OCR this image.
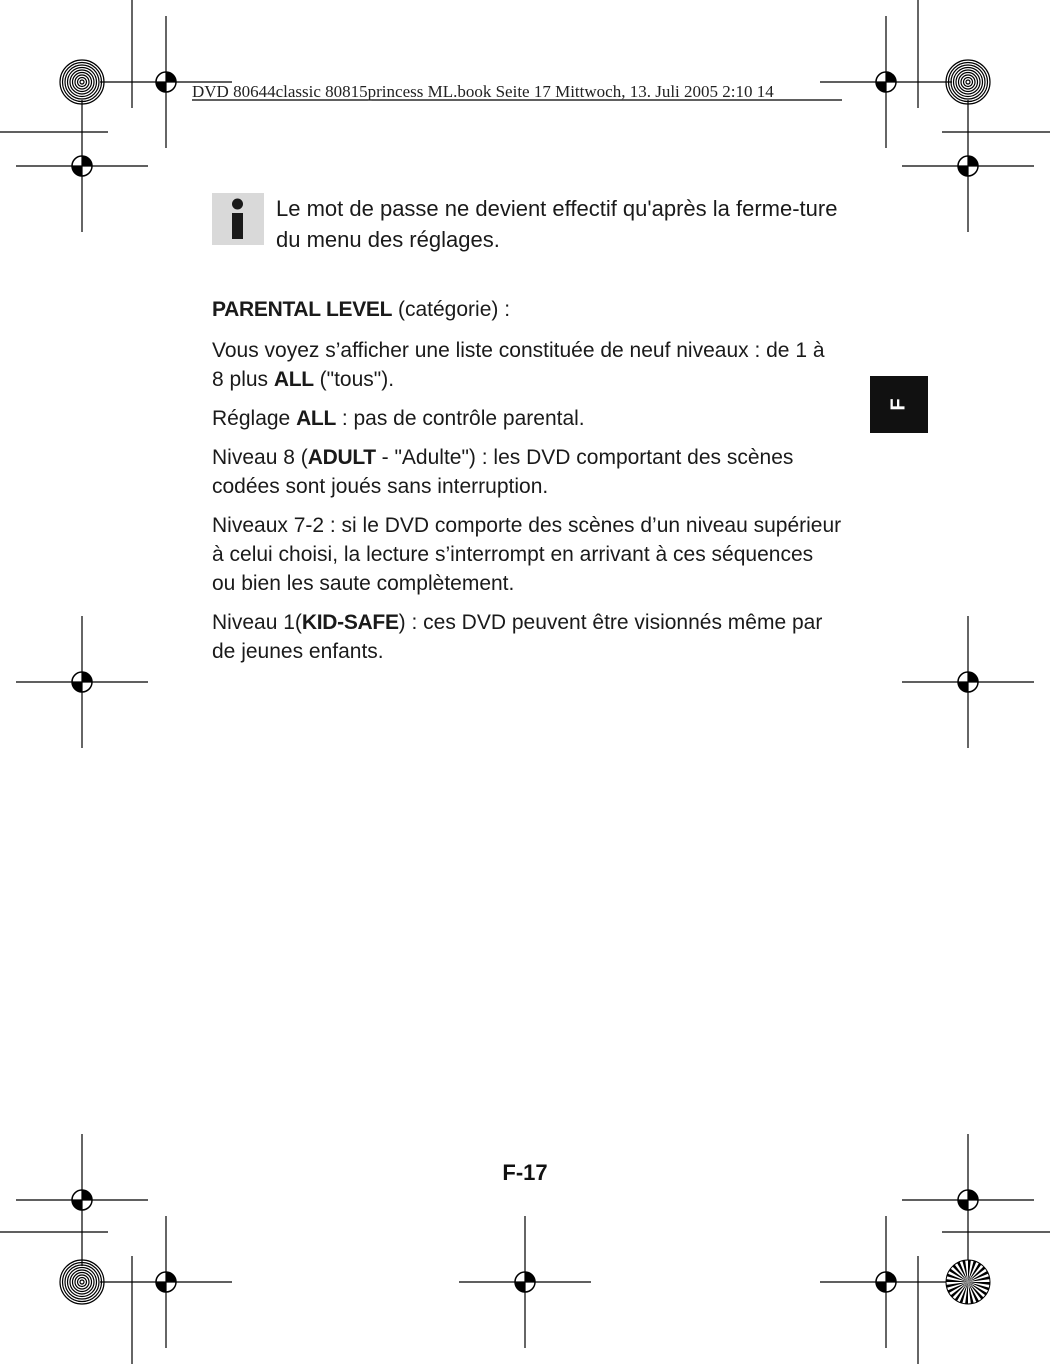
DVD 80644classic 80815princess ML.book Seite 17 Mittwoch, 13. Juli 2005 2:10 14
Le mot de passe ne devient effectif qu'après la ferme-ture du menu des réglages.

PARENTAL LEVEL (catégorie) :

Vous voyez s’afficher une liste constituée de neuf niveaux : de 1 à 8 plus ALL ("tous").

Réglage ALL : pas de contrôle parental.

Niveau 8 (ADULT - "Adulte") : les DVD comportant des scènes codées sont joués sans interruption.

Niveaux 7-2 : si le DVD comporte des scènes d’un niveau supérieur à celui choisi, la lecture s’interrompt en arrivant à ces séquences ou bien les saute complètement.

Niveau 1(KID-SAFE) : ces DVD peuvent être visionnés même par de jeunes enfants.

F
F-17
